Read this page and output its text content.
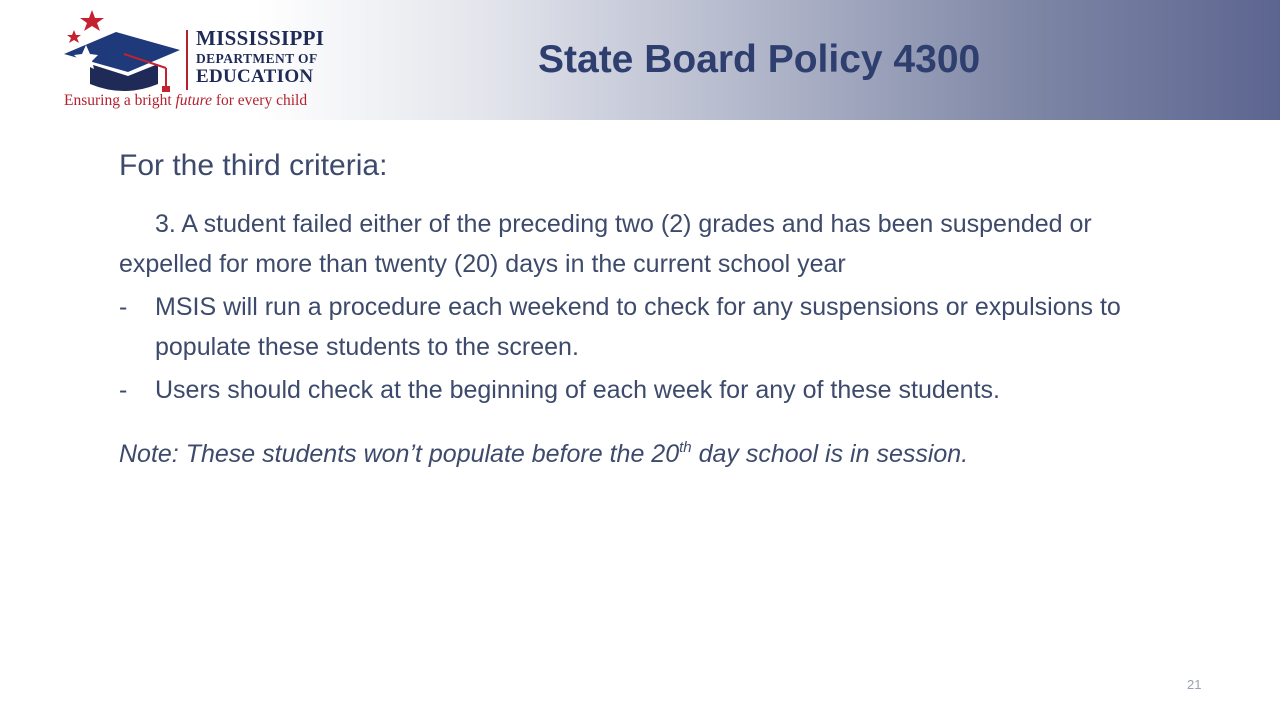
MISSISSIPPI
DEPARTMENT OF
EDUCATION
Ensuring a bright future for every child
State Board Policy 4300

For the third criteria:

3. A student failed either of the preceding two (2) grades and has been suspended or expelled for more than twenty (20) days in the current school year

- MSIS will run a procedure each weekend to check for any suspensions or expulsions to populate these students to the screen.
- Users should check at the beginning of each week for any of these students.

Note: These students won’t populate before the 20th day school is in session.

21
